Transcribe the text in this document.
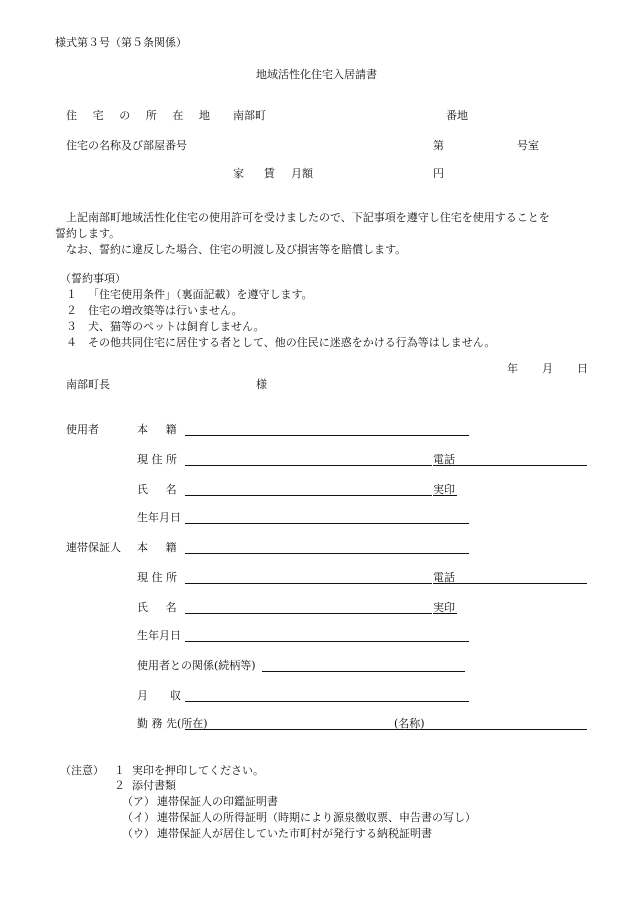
様式第３号（第５条関係）
地域活性化住宅入居請書
住 宅 の 所 在 地 南部町	番地
住宅の名称及び部屋番号	第	号室
家　賃 月額	円
上記南部町地域活性化住宅の使用許可を受けましたので、下記事項を遵守し住宅を使用することを
誓約します。
なお、誓約に違反した場合、住宅の明渡し及び損害等を賠償します。
（誓約事項）
１ 「住宅使用条件」（裏面記載）を遵守します。
２ 住宅の増改築等は行いません。
３ 犬、猫等のペットは飼育しません。
４ その他共同住宅に居住する者として、他の住民に迷惑をかける行為等はしません。
年 月 日
南部町長	様
使用者	本　籍
現 住 所	電話
氏　名	実印
生年月日
連帯保証人 本　籍
現 住 所	電話
氏　名	実印
生年月日
使用者との関係(続柄等)
月　収
勤 務 先(所在)	(名称)
（注意） １ 実印を押印してください。
２ 添付書類
（ア） 連帯保証人の印鑑証明書
（イ） 連帯保証人の所得証明（時期により源泉徴収票、申告書の写し）
（ウ） 連帯保証人が居住していた市町村が発行する納税証明書
